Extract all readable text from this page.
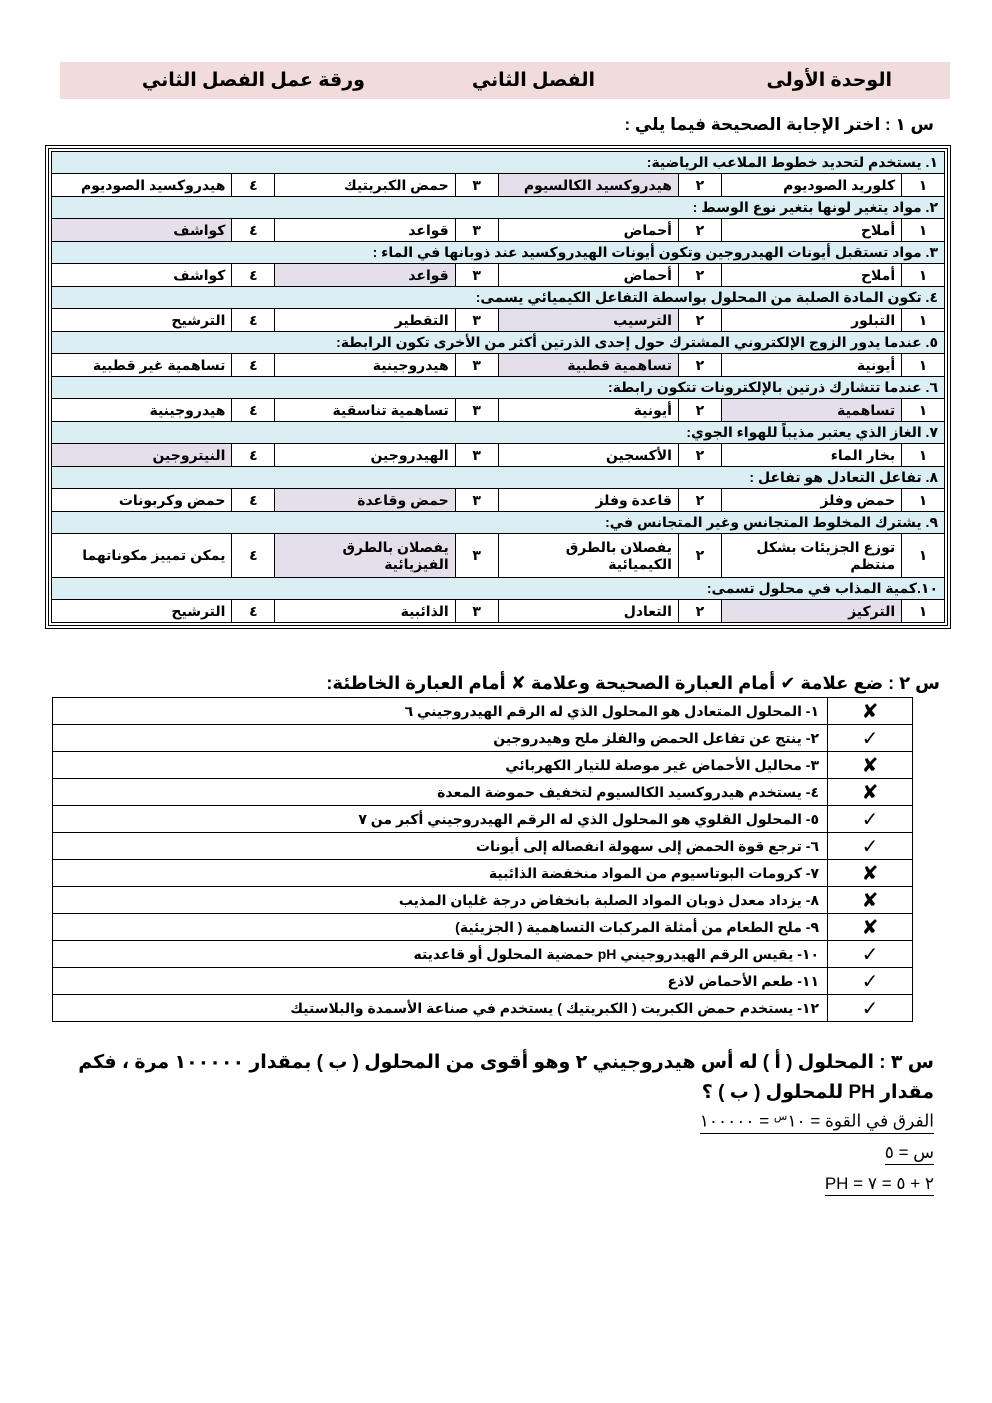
الوحدة الأولى
الفصل الثاني
ورقة عمل الفصل الثاني
س ١ : اختر الإجابة الصحيحة فيما يلي :
١. يستخدم لتحديد خطوط الملاعب الرياضية:							
١	كلوريد الصوديوم	٢	هيدروكسيد الكالسيوم	٣	حمض الكبريتيك	٤	هيدروكسيد الصوديوم
٢. مواد يتغير لونها بتغير نوع الوسط :							
١	أملاح	٢	أحماض	٣	قواعد	٤	كواشف
٣. مواد تستقبل أيونات الهيدروجين وتكون أيونات الهيدروكسيد عند ذوبانها في الماء :							
١	أملاح	٢	أحماض	٣	قواعد	٤	كواشف
٤. تكون المادة الصلبة من المحلول بواسطة التفاعل الكيميائي يسمى:							
١	التبلور	٢	الترسيب	٣	التقطير	٤	الترشيح
٥. عندما يدور الزوج الإلكتروني المشترك حول إحدى الذرتين أكثر من الأخرى تكون الرابطة:							
١	أيونية	٢	تساهمية قطبية	٣	هيدروجينية	٤	تساهمية غير قطبية
٦. عندما تتشارك ذرتين بالإلكترونات تتكون رابطة:							
١	تساهمية	٢	أيونية	٣	تساهمية تناسقية	٤	هيدروجينية
٧. الغاز الذي يعتبر مذيباً للهواء الجوي:							
١	بخار الماء	٢	الأكسجين	٣	الهيدروجين	٤	النيتروجين
٨. تفاعل التعادل هو تفاعل :							
١	حمض وفلز	٢	قاعدة وفلز	٣	حمض وقاعدة	٤	حمض وكربونات
٩. يشترك المخلوط المتجانس وغير المتجانس في:							
١	توزع الجزيئات بشكل منتظم	٢	يفصلان بالطرق الكيميائية	٣	يفصلان بالطرق الفيزيائية	٤	يمكن تمييز مكوناتهما
١٠.كمية المذاب في محلول تسمى:							
١	التركيز	٢	التعادل	٣	الذائبية	٤	الترشيح
س ٢ : ضع علامة ✔ أمام العبارة الصحيحة وعلامة ✘ أمام العبارة الخاطئة:
✘	١- المحلول المتعادل هو المحلول الذي له الرقم الهيدروجيني ٦
✓	٢- ينتج عن تفاعل الحمض والفلز ملح وهيدروجين
✘	٣- محاليل الأحماض غير موصلة للتيار الكهربائي
✘	٤- يستخدم هيدروكسيد الكالسيوم لتخفيف حموضة المعدة
✓	٥- المحلول القلوي هو المحلول الذي له الرقم الهيدروجيني أكبر من ٧
✓	٦- ترجع قوة الحمض إلى سهولة انفصاله إلى أيونات
✘	٧- كرومات البوتاسيوم من المواد منخفضة الذائبية
✘	٨- يزداد معدل ذوبان المواد الصلبة بانخفاض درجة غليان المذيب
✘	٩- ملح الطعام من أمثلة المركبات التساهمية ( الجزيئية)
✓	١٠- يقيس الرقم الهيدروجيني pH حمضية المحلول أو قاعديته
✓	١١- طعم الأحماض لاذع
✓	١٢- يستخدم حمض الكبريت ( الكبريتيك ) يستخدم في صناعة الأسمدة والبلاستيك
س ٣ : المحلول ( أ ) له أس هيدروجيني ٢ وهو أقوى من المحلول ( ب ) بمقدار ١٠٠٠٠٠ مرة ، فكم مقدار PH للمحلول ( ب ) ؟
الفرق في القوة = $١٠^س$ = ١٠٠٠٠٠
س = ٥
PH = ٢ + ٥ = ٧
